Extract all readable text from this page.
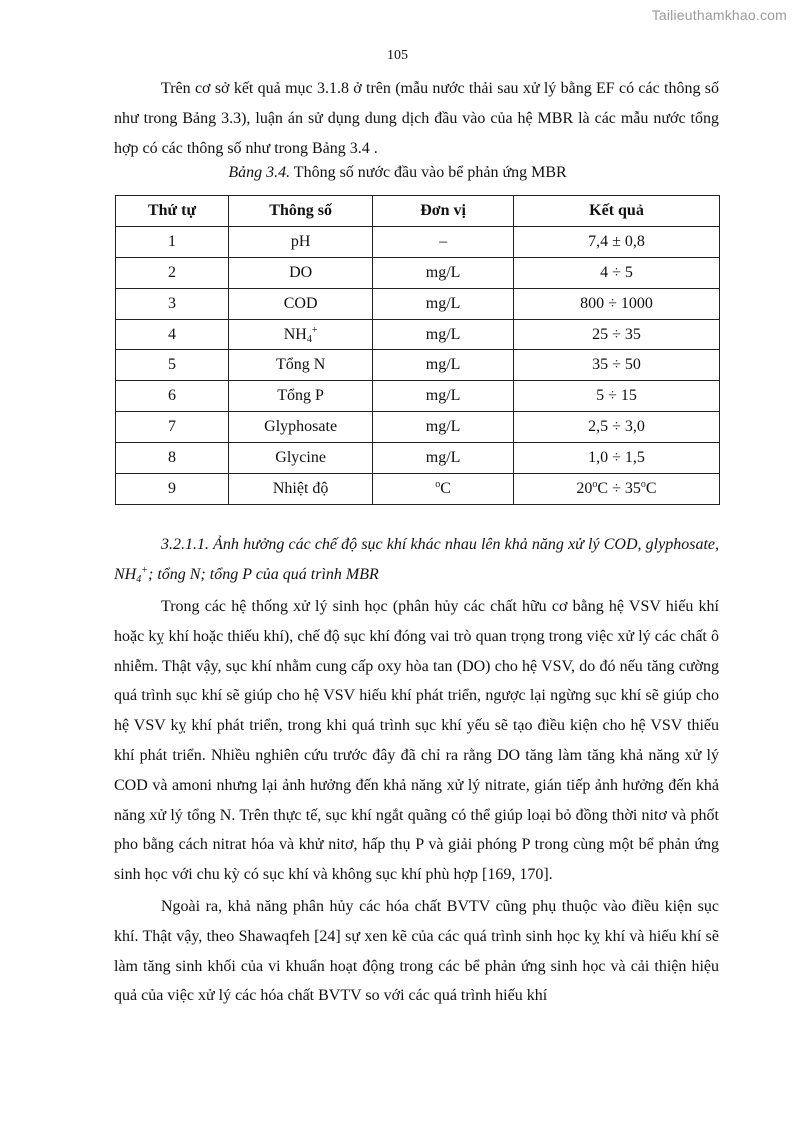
Tailieuthamkhao.com
105

Trên cơ sở kết quả mục 3.1.8 ở trên (mẫu nước thải sau xử lý bằng EF có các thông số như trong Bảng 3.3), luận án sử dụng dung dịch đầu vào của hệ MBR là các mẫu nước tổng hợp có các thông số như trong Bảng 3.4 .

Bảng 3.4. Thông số nước đầu vào bể phản ứng MBR
Thứ tự	Thông số	Đơn vị	Kết quả
1	pH	–	7,4 ± 0,8
2	DO	mg/L	4 ÷ 5
3	COD	mg/L	800 ÷ 1000
4	$NH_4^+$	mg/L	25 ÷ 35
5	Tổng N	mg/L	35 ÷ 50
6	Tổng P	mg/L	5 ÷ 15
7	Glyphosate	mg/L	2,5 ÷ 3,0
8	Glycine	mg/L	1,0 ÷ 1,5
9	Nhiệt độ	$^o$C	$20^oC \div 35^oC$
3.2.1.1. Ảnh hưởng các chế độ sục khí khác nhau lên khả năng xử lý COD, glyphosate, $NH_4^+$; tổng N; tổng P của quá trình MBR

Trong các hệ thống xử lý sinh học (phân hủy các chất hữu cơ bằng hệ VSV hiếu khí hoặc kỵ khí hoặc thiếu khí), chế độ sục khí đóng vai trò quan trọng trong việc xử lý các chất ô nhiễm. Thật vậy, sục khí nhằm cung cấp oxy hòa tan (DO) cho hệ VSV, do đó nếu tăng cường quá trình sục khí sẽ giúp cho hệ VSV hiếu khí phát triển, ngược lại ngừng sục khí sẽ giúp cho hệ VSV kỵ khí phát triển, trong khi quá trình sục khí yếu sẽ tạo điều kiện cho hệ VSV thiếu khí phát triển. Nhiều nghiên cứu trước đây đã chỉ ra rằng DO tăng làm tăng khả năng xử lý COD và amoni nhưng lại ảnh hưởng đến khả năng xử lý nitrate, gián tiếp ảnh hưởng đến khả năng xử lý tổng N. Trên thực tế, sục khí ngắt quãng có thể giúp loại bỏ đồng thời nitơ và phốt pho bằng cách nitrat hóa và khử nitơ, hấp thụ P và giải phóng P trong cùng một bể phản ứng sinh học với chu kỳ có sục khí và không sục khí phù hợp [169, 170].

Ngoài ra, khả năng phân hủy các hóa chất BVTV cũng phụ thuộc vào điều kiện sục khí. Thật vậy, theo Shawaqfeh [24] sự xen kẽ của các quá trình sinh học kỵ khí và hiếu khí sẽ làm tăng sinh khối của vi khuẩn hoạt động trong các bể phản ứng sinh học và cải thiện hiệu quả của việc xử lý các hóa chất BVTV so với các quá trình hiếu khí
